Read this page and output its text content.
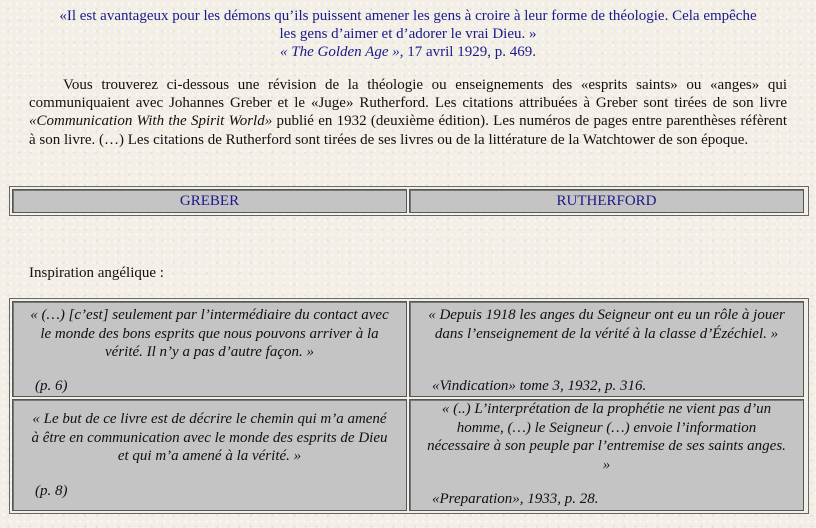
«Il est avantageux pour les démons qu’ils puissent amener les gens à croire à leur forme de théologie. Cela empêche
les gens d’aimer et d’adorer le vrai Dieu. »
« The Golden Age », 17 avril 1929, p. 469.
Vous trouverez ci-dessous une révision de la théologie ou enseignements des «esprits saints» ou «anges» qui communiquaient avec Johannes Greber et le «Juge» Rutherford. Les citations attribuées à Greber sont tirées de son livre «Communication With the Spirit World» publié en 1932 (deuxième édition). Les numéros de pages entre parenthèses réfèrent à son livre. (…) Les citations de Rutherford sont tirées de ses livres ou de la littérature de la Watchtower de son époque.
GREBER	RUTHERFORD
Inspiration angélique :
« (…) [c’est] seulement par l’intermédiaire du contact avec le monde des bons esprits que nous pouvons arriver à la vérité. Il n’y a pas d’autre façon. »
(p. 6)
« Depuis 1918 les anges du Seigneur ont eu un rôle à jouer dans l’enseignement de la vérité à la classe d’Ézéchiel. »
«Vindication» tome 3, 1932, p. 316.
« Le but de ce livre est de décrire le chemin qui m’a amené à être en communication avec le monde des esprits de Dieu et qui m’a amené à la vérité. »
(p. 8)
« (..) L’interprétation de la prophétie ne vient pas d’un homme, (…) le Seigneur (…) envoie l’information nécessaire à son peuple par l’entremise de ses saints anges. »
«Preparation», 1933, p. 28.
